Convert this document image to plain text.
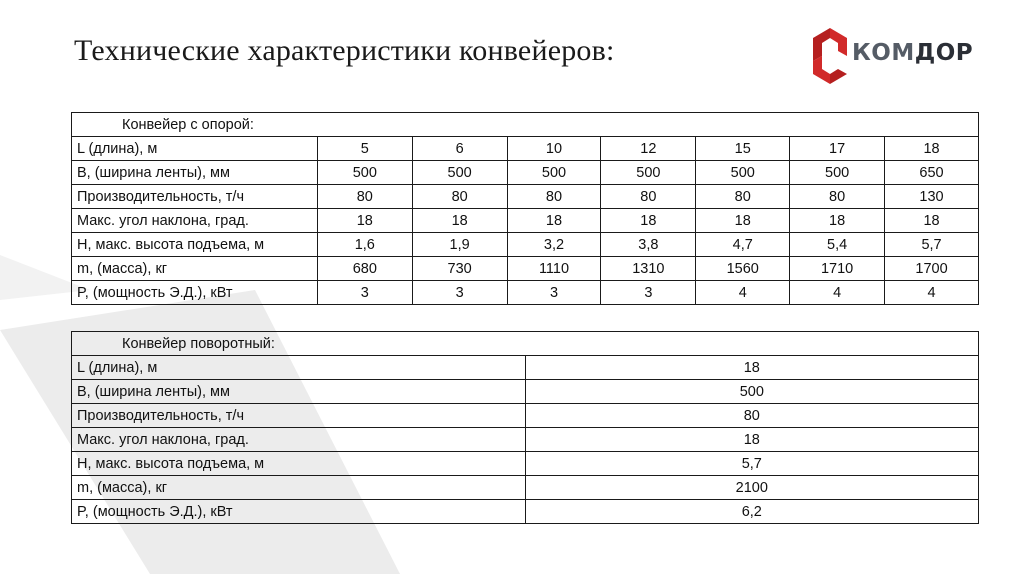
Технические характеристики конвейеров:	КОМДОР
Конвейер с опорой:							
L (длина), м	5	6	10	12	15	17	18
B, (ширина ленты), мм	500	500	500	500	500	500	650
Производительность, т/ч	80	80	80	80	80	80	130
Макс. угол наклона, град.	18	18	18	18	18	18	18
H, макс. высота подъема, м	1,6	1,9	3,2	3,8	4,7	5,4	5,7
m, (масса), кг	680	730	1110	1310	1560	1710	1700
P, (мощность Э.Д.), кВт	3	3	3	3	4	4	4
Конвейер поворотный:	
L (длина), м	18
B, (ширина ленты), мм	500
Производительность, т/ч	80
Макс. угол наклона, град.	18
H, макс. высота подъема, м	5,7
m, (масса), кг	2100
P, (мощность Э.Д.), кВт	6,2
